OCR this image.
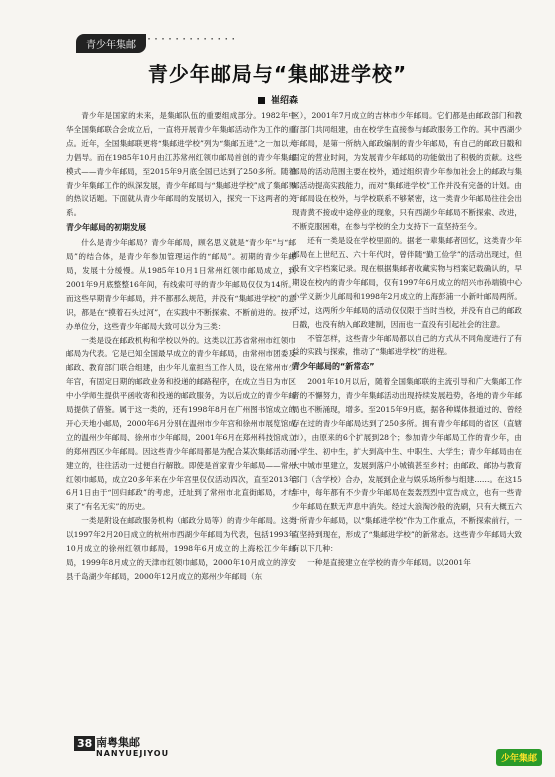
青少年集邮
·············
青少年邮局与“集邮进学校”
崔绍森

青少年是国家的未来，是集邮队伍的重要组成部分。1982年中华全国集邮联合会成立后，一直将开展青少年集邮活动作为工作的重点。近年，全国集邮联更将“集邮进学校”列为“集邮五进”之一加以大力倡导。而在1985年10月由江苏常州红领巾邮局首创的青少年集邮模式——青少年邮局，至2015年9月底全国已达到了250多所。随着青少年集邮工作的纵深发展，青少年邮局与“集邮进学校”成了集邮界的热议话题。下面就从青少年邮局的发展切入，探究一下这两者的关系。

青少年邮局的初期发展

什么是青少年邮局？青少年邮局，顾名思义就是“青少年”与“邮局”的结合体，是青少年参加管理运作的“邮局”。初期的青少年邮局，发展十分缓慢。从1985年10月1日常州红领巾邮局成立，到2001年9月底整整16年间，有线索可寻的青少年邮局仅仅为14所。而这些早期青少年邮局，并不都那么规范，并没有“集邮进学校”的意识，都是在“摸着石头过河”，在实践中不断探索、不断前进的。按开办单位分，这些青少年邮局大致可以分为三类：

一类是设在邮政机构和学校以外的。这类以江苏省常州市红领巾邮局为代表。它是已知全国最早成立的青少年邮局，由常州市团委及邮政、教育部门联合组建，由少年儿童担当工作人员，设在常州市少年宫，有固定日期的邮政业务和投递的邮路程序，在成立当日为市区中小学师生提供平函收寄和投递的邮政服务，为以后成立的青少年邮局提供了借鉴。属于这一类的，还有1998年8月在广州图书馆成立的开心天地小邮局，2000年6月分别在温州市少年宫和徐州市展览馆成立的温州少年邮局、徐州市少年邮局，2001年6月在郑州科技馆成立的郑州西区少年邮局。因这些青少年邮局都是为配合某次集邮活动而建立的，往往活动一过便自行解散。即使是首家青少年邮局——常州红领巾邮局，成立20多年来在少年宫里仅仅活动四次，直至2013年6月1日由于“回归邮政”的考虑，迁址到了常州市北直街邮局，才结束了“有名无实”的历史。

一类是附设在邮政服务机构（邮政分局等）的青少年邮局。这类以1997年2月20日成立的杭州市西湖少年邮局为代表，包括1993年10月成立的徐州红领巾邮局，1998年6月成立的上海松江少年邮局，1999年8月成立的天津市红领巾邮局，2000年10月成立的淳安县千岛湖少年邮局，2000年12月成立的郑州少年邮局（东

区），2001年7月成立的吉林市少年邮局。它们都是由邮政部门和教育部门共同组建，由在校学生直接参与邮政服务工作的。其中西湖少年邮局，是第一所纳入邮政编制的青少年邮局，有自己的邮政日戳和固定的营业时间，为发展青少年邮局的功能做出了积极的贡献。这些邮局的活动范围主要在校外，通过组织青少年参加社会上的邮政与集邮活动提高实践能力，而对“集邮进学校”工作并没有完备的计划。由于邮局设在校外，与学校联系不够紧密，这一类青少年邮局往往会出现青黄不接或中途停业的现象，只有西湖少年邮局不断探索、改进，不断克服困难，在参与学校的全力支持下一直坚持至今。

还有一类是设在学校里面的。据老一辈集邮者回忆，这类青少年邮局在上世纪五、六十年代时，曾伴随“勤工俭学”的活动出现过，但没有文字档案记录。现在根据集邮者收藏实物与档案记载确认的，早期设在校内的青少年邮局，仅有1997年6月成立的绍兴市孙端镇中心小学义新少儿邮局和1998年2月成立的上海彭浦一小新叶邮局两所。不过，这两所少年邮局的活动仅仅限于当时当校，并没有自己的邮政日戳，也没有纳入邮政建制，因而也一直没有引起社会的注意。

不管怎样，这些青少年邮局都以自己的方式从不同角度进行了有益的实践与探索，推动了“集邮进学校”的进程。

青少年邮局的“新常态”

2001年10月以后，随着全国集邮联的主流引导和广大集邮工作者的不懈努力，青少年集邮活动出现持续发展趋势，各地的青少年邮局也不断涌现，增多。至2015年9月底，据各种媒体报道过的、曾经存在过的青少年邮局达到了250多所。拥有青少年邮局的省区（直辖市），由原来的6个扩展到28个；参加青少年邮局工作的青少年，由小学生、初中生，扩大到高中生、中职生、大学生；青少年邮局由在大中城市里建立，发展到落户小城镇甚至乡村；由邮政、邮协与教育部门（含学校）合办，发展到企业与娱乐场所参与组建……。在这15年中，每年都有不少青少年邮局在轰轰烈烈中宣告成立，也有一些青少年邮局在默无声息中消失。经过大浪淘沙般的洗刷，只有大概五六十所青少年邮局，以“集邮进学校”作为工作重点，不断探索前行，一直坚持到现在，形成了“集邮进学校”的新常态。这些青少年邮局大致有以下几种：

一种是直接建立在学校的青少年邮局。以2001年

38 南粤集邮
NANYUEJIYOU
少年集邮
